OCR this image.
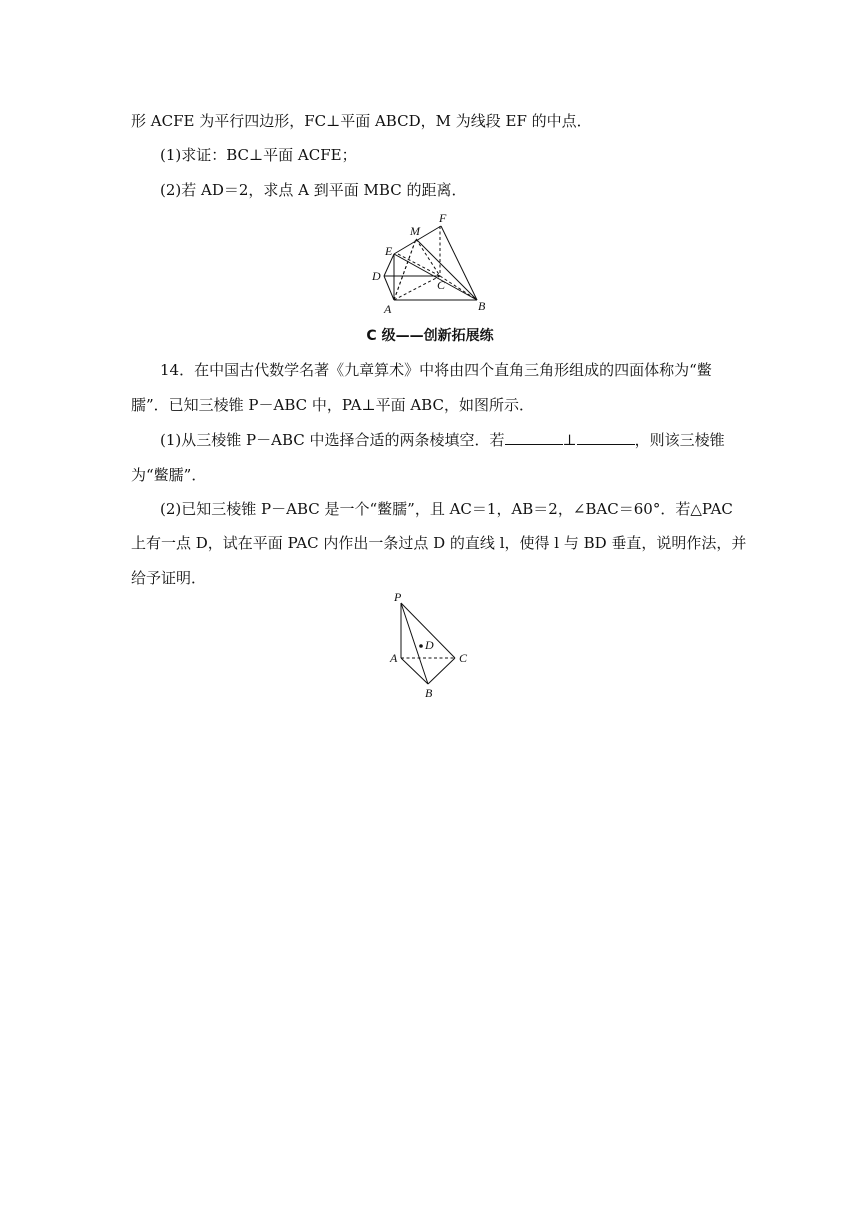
形 ACFE 为平行四边形，FC⊥平面 ABCD，M 为线段 EF 的中点．
(1)求证：BC⊥平面 ACFE；
(2)若 AD＝2，求点 A 到平面 MBC 的距离．
F
M
E
D
C
A	B
C 级——创新拓展练
14．在中国古代数学名著《九章算术》中将由四个直角三角形组成的四面体称为“鳖
臑”．已知三棱锥 P－ABC 中，PA⊥平面 ABC，如图所示．
(1)从三棱锥 P－ABC 中选择合适的两条棱填空．若	⊥	，则该三棱锥
为“鳖臑”．
(2)已知三棱锥 P－ABC 是一个“鳖臑”，且 AC＝1，AB＝2，∠BAC＝60°．若△PAC
上有一点 D，试在平面 PAC 内作出一条过点 D 的直线 l，使得 l 与 BD 垂直，说明作法，并
给予证明．
P
D
A	C
B
